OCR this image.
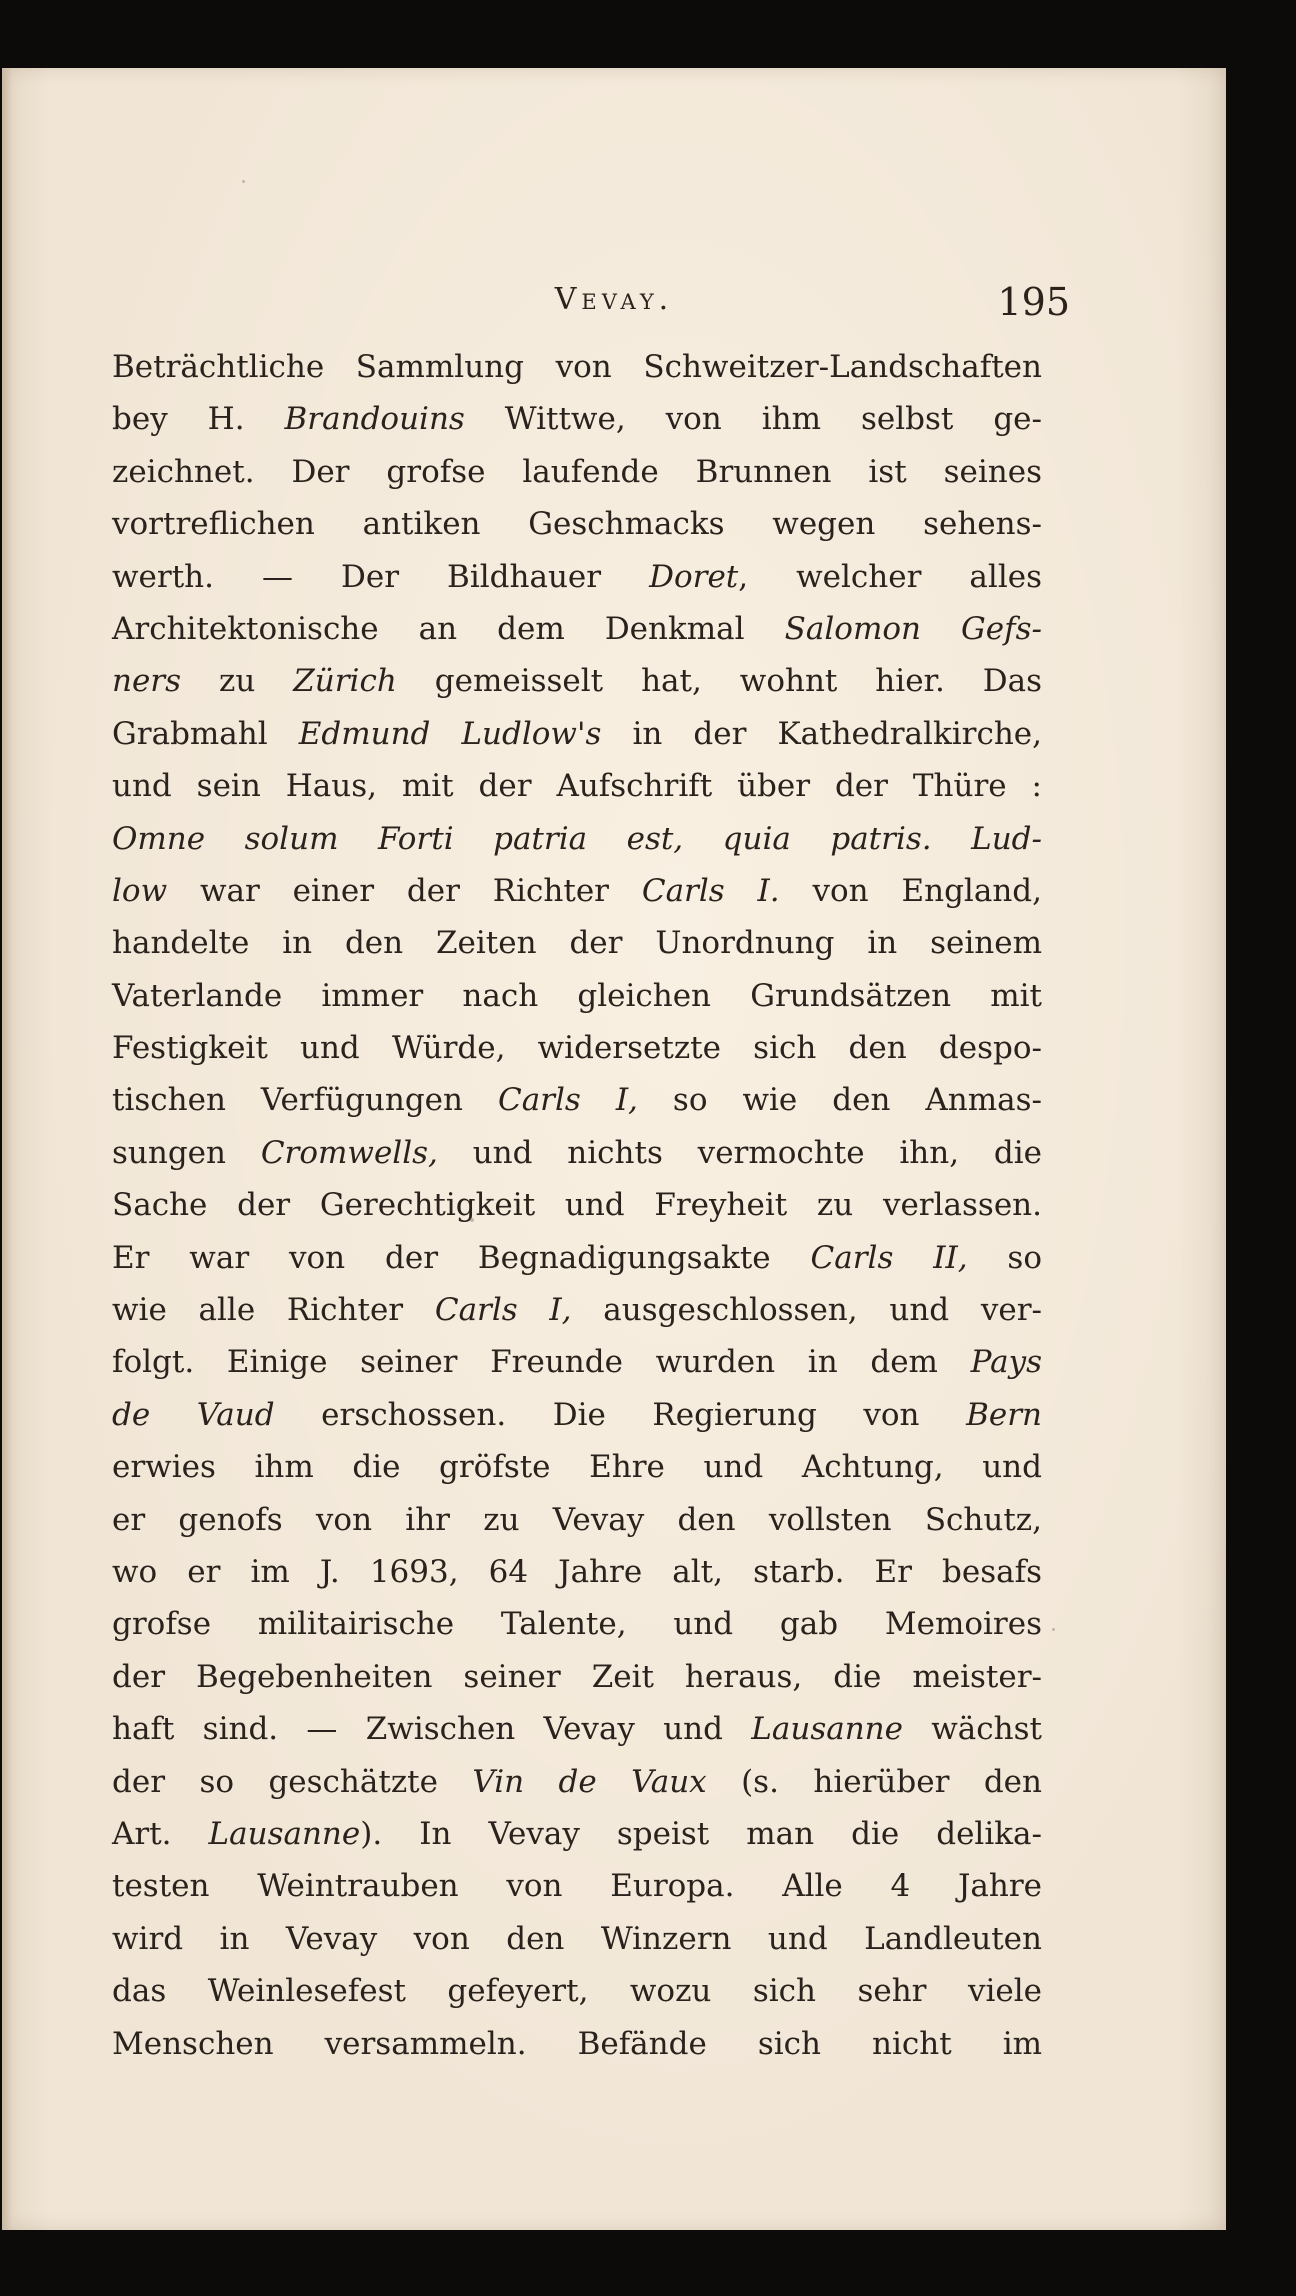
Vevay.	195
Beträchtliche Sammlung von Schweitzer-Landschaften
bey H. Brandouins Wittwe, von ihm selbst ge-
zeichnet. Der grofse laufende Brunnen ist seines
vortreflichen antiken Geschmacks wegen sehens-
werth. — Der Bildhauer Doret, welcher alles
Architektonische an dem Denkmal Salomon Gefs-
ners zu Zürich gemeisselt hat, wohnt hier. Das
Grabmahl Edmund Ludlow's in der Kathedralkirche,
und sein Haus, mit der Aufschrift über der Thüre :
Omne solum Forti patria est, quia patris. Lud-
low war einer der Richter Carls I. von England,
handelte in den Zeiten der Unordnung in seinem
Vaterlande immer nach gleichen Grundsätzen mit
Festigkeit und Würde, widersetzte sich den despo-
tischen Verfügungen Carls I, so wie den Anmas-
sungen Cromwells, und nichts vermochte ihn, die
Sache der Gerechtigkeit und Freyheit zu verlassen.
Er war von der Begnadigungsakte Carls II, so
wie alle Richter Carls I, ausgeschlossen, und ver-
folgt. Einige seiner Freunde wurden in dem Pays
de Vaud erschossen. Die Regierung von Bern
erwies ihm die gröfste Ehre und Achtung, und
er genofs von ihr zu Vevay den vollsten Schutz,
wo er im J. 1693, 64 Jahre alt, starb. Er besafs
grofse militairische Talente, und gab Memoires
der Begebenheiten seiner Zeit heraus, die meister-
haft sind. — Zwischen Vevay und Lausanne wächst
der so geschätzte Vin de Vaux (s. hierüber den
Art. Lausanne). In Vevay speist man die delika-
testen Weintrauben von Europa. Alle 4 Jahre
wird in Vevay von den Winzern und Landleuten
das Weinlesefest gefeyert, wozu sich sehr viele
Menschen versammeln. Befände sich nicht im
